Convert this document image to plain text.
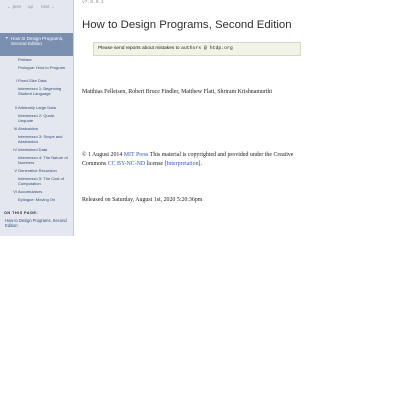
← prev up next →
▼ How to Design Programs, Second Edition
Preface
Prologue: How to Program
I Fixed-Size Data
Intermezzo 1: Beginning Student Language
II Arbitrarily Large Data
Intermezzo 2: Quote, Unquote
III Abstraction
Intermezzo 3: Scope and Abstraction
IV Intertwined Data
Intermezzo 4: The Nature of Numbers
V Generative Recursion
Intermezzo 5: The Cost of Computation
VI Accumulators
Epilogue: Moving On
ON THIS PAGE:
How to Design Programs, Second Edition
v7.8.0.1
How to Design Programs, Second Edition
Please send reports about mistakes to authors @ htdp.org
Matthias Felleisen, Robert Bruce Findler, Matthew Flatt, Shriram Krishnamurthi
© 1 August 2014 MIT Press This material is copyrighted and provided under the Creative Commons CC BY-NC-ND license [Interpretation].
Released on Saturday, August 1st, 2020 5:20:36pm
